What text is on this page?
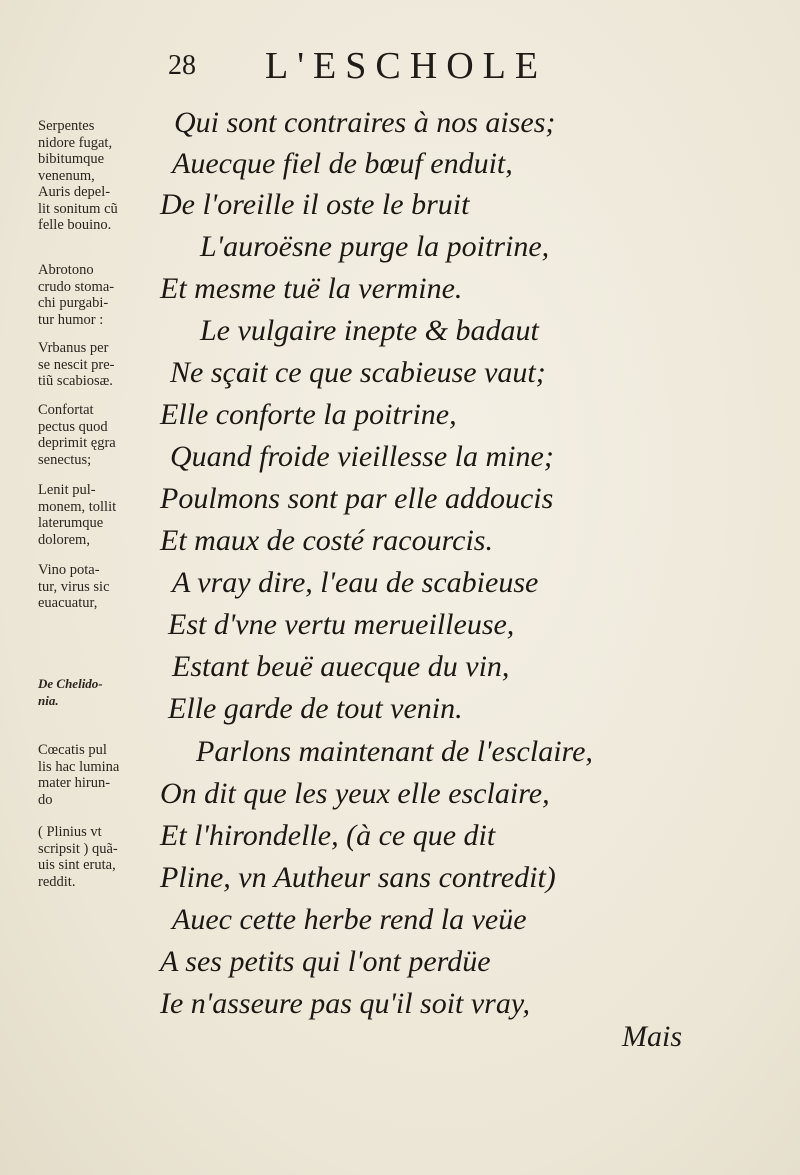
28 L'ESCHOLE
Serpentes
nidore fugat,
bibitumque
venenum,
Auris depel-
lit sonitum cũ
felle bouino.
Abrotono
crudo stoma-
chi purgabi-
tur humor :
Vrbanus per
se nescit pre-
tiũ scabiosæ.
Confortat
pectus quod
deprimit ęgra
senectus;
Lenit pul-
monem, tollit
laterumque
dolorem,
Vino pota-
tur, virus sic
euacuatur,
De Chelido-
nia.
Cœcatis pul
lis hac lumina
mater hirun-
do
( Plinius vt
scripsit ) quã-
uis sint eruta,
reddit.
Qui sont contraires à nos aises;
Auecque fiel de bœuf enduit,
De l'oreille il oste le bruit
L'auroësne purge la poitrine,
Et mesme tuë la vermine.
Le vulgaire inepte & badaut
Ne sçait ce que scabieuse vaut;
Elle conforte la poitrine,
Quand froide vieillesse la mine;
Poulmons sont par elle addoucis
Et maux de costé racourcis.
A vray dire, l'eau de scabieuse
Est d'vne vertu merueilleuse,
Estant beuë auecque du vin,
Elle garde de tout venin.
Parlons maintenant de l'esclaire,
On dit que les yeux elle esclaire,
Et l'hirondelle, (à ce que dit
Pline, vn Autheur sans contredit)
Auec cette herbe rend la veüe
A ses petits qui l'ont perdüe
Ie n'asseure pas qu'il soit vray,
Mais
